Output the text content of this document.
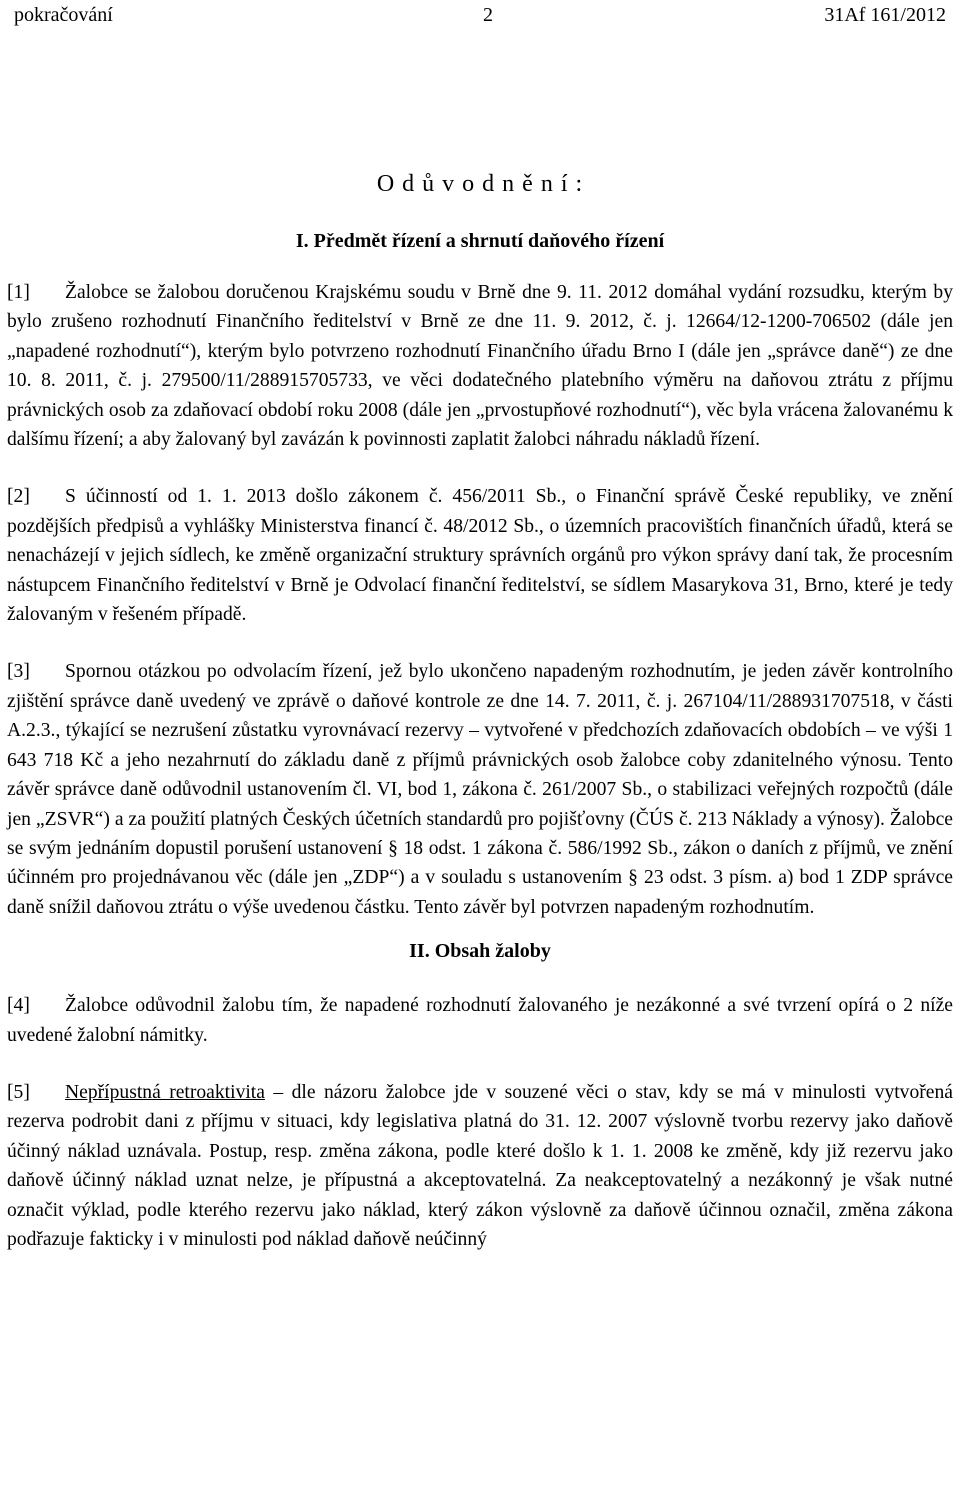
pokračování	2	31Af 161/2012
O d ů v o d n ě n í :
I. Předmět řízení a shrnutí daňového řízení

[1] Žalobce se žalobou doručenou Krajskému soudu v Brně dne 9. 11. 2012 domáhal vydání rozsudku, kterým by bylo zrušeno rozhodnutí Finančního ředitelství v Brně ze dne 11. 9. 2012, č. j. 12664/12-1200-706502 (dále jen „napadené rozhodnutí“), kterým bylo potvrzeno rozhodnutí Finančního úřadu Brno I (dále jen „správce daně“) ze dne 10. 8. 2011, č. j. 279500/11/288915705733, ve věci dodatečného platebního výměru na daňovou ztrátu z příjmu právnických osob za zdaňovací období roku 2008 (dále jen „prvostupňové rozhodnutí“), věc byla vrácena žalovanému k dalšímu řízení; a aby žalovaný byl zavázán k povinnosti zaplatit žalobci náhradu nákladů řízení.

[2] S účinností od 1. 1. 2013 došlo zákonem č. 456/2011 Sb., o Finanční správě České republiky, ve znění pozdějších předpisů a vyhlášky Ministerstva financí č. 48/2012 Sb., o územních pracovištích finančních úřadů, která se nenacházejí v jejich sídlech, ke změně organizační struktury správních orgánů pro výkon správy daní tak, že procesním nástupcem Finančního ředitelství v Brně je Odvolací finanční ředitelství, se sídlem Masarykova 31, Brno, které je tedy žalovaným v řešeném případě.

[3] Spornou otázkou po odvolacím řízení, jež bylo ukončeno napadeným rozhodnutím, je jeden závěr kontrolního zjištění správce daně uvedený ve zprávě o daňové kontrole ze dne 14. 7. 2011, č. j. 267104/11/288931707518, v části A.2.3., týkající se nezrušení zůstatku vyrovnávací rezervy – vytvořené v předchozích zdaňovacích obdobích – ve výši 1 643 718 Kč a jeho nezahrnutí do základu daně z příjmů právnických osob žalobce coby zdanitelného výnosu. Tento závěr správce daně odůvodnil ustanovením čl. VI, bod 1, zákona č. 261/2007 Sb., o stabilizaci veřejných rozpočtů (dále jen „ZSVR“) a za použití platných Českých účetních standardů pro pojišťovny (ČÚS č. 213 Náklady a výnosy). Žalobce se svým jednáním dopustil porušení ustanovení § 18 odst. 1 zákona č. 586/1992 Sb., zákon o daních z příjmů, ve znění účinném pro projednávanou věc (dále jen „ZDP“) a v souladu s ustanovením § 23 odst. 3 písm. a) bod 1 ZDP správce daně snížil daňovou ztrátu o výše uvedenou částku. Tento závěr byl potvrzen napadeným rozhodnutím.

II. Obsah žaloby

[4] Žalobce odůvodnil žalobu tím, že napadené rozhodnutí žalovaného je nezákonné a své tvrzení opírá o 2 níže uvedené žalobní námitky.

[5] Nepřípustná retroaktivita – dle názoru žalobce jde v souzené věci o stav, kdy se má v minulosti vytvořená rezerva podrobit dani z příjmu v situaci, kdy legislativa platná do 31. 12. 2007 výslovně tvorbu rezervy jako daňově účinný náklad uznávala. Postup, resp. změna zákona, podle které došlo k 1. 1. 2008 ke změně, kdy již rezervu jako daňově účinný náklad uznat nelze, je přípustná a akceptovatelná. Za neakceptovatelný a nezákonný je však nutné označit výklad, podle kterého rezervu jako náklad, který zákon výslovně za daňově účinnou označil, změna zákona podřazuje fakticky i v minulosti pod náklad daňově neúčinný
